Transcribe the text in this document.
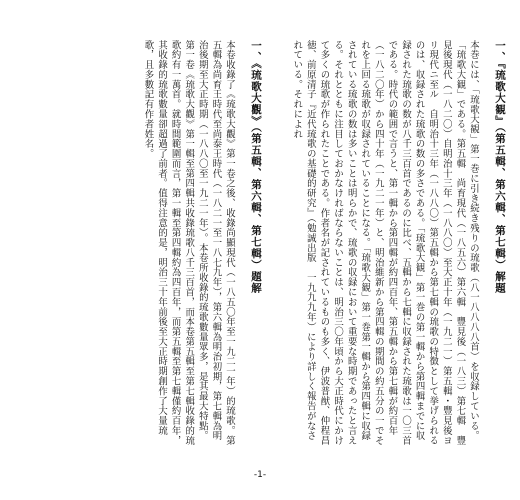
一、『琉歌大観』（第五輯、第六輯、第七輯）解題
本巻には、「琉歌大観」第一巻に引き続き残りの琉歌（八一八八八八首）を収録している。「琉歌大観」である。第五輯　尚育現代（一八五六）第六輯　豐見後（一八三）第七輯　豐見後現代（一八二〇）自明治十三年（一八八〇）至大正十年（一九二一）第五輯・豐見後ヨリ現代ニ至ル　自明治十三年（一八八〇）第五輯から第七輯の琉歌の特徴として挙げられるのは、収録された琉歌の数の多さである。「琉歌大観」第一巻の第一輯から第四輯までに収録された琉歌の数が八千三百首であるのに比べ、五輯から七輯に収録された琉歌は一〇三首である。時代の範囲で言うと、第一輯から第四輯が約四百年、第五輯から第七輯が約百年（一八二〇年）から四十年（一九二一年）と、明治維新から第四輯の期間の約五分の一でそれを上回る琉歌が収録されていることになる。「琉歌大観」第一巻第一輯から第四輯に収録されている琉歌の数は多いことは明らかで、琉歌の収録において重要な時期であったと言える。それとともに注目しておかなければならないことは、明治三〇年頃から大正時代にかけて多くの琉歌が作られたことである。作者名が記されているものも多く、伊波普猷、仲程昌徳、前原清子『近代琉歌の基礎的研究』（勉誠出版　一九九九年）により詳しく報告がなされている。それによれ
一、《琉歌大觀》（第五輯、第六輯、第七輯）題解
本卷收錄了《琉歌大觀》第一卷之後、收錄尚顯現代（一八五〇年至一九二一年）的琉歌。第五輯為尚育王時代至尚泰王時代（一八二一至一八七九年），第六輯為明治初期，第七輯為明治後期至大正時期（一八八〇至一九二一年）。本卷所收錄的琉歌數量眾多，是其最大特點。第一卷《琉歌大觀》第一輯至第四輯共收錄琉歌八千三百首，而本卷第五輯至第七輯收錄的琉歌約有一萬首。就時間範圍而言，第一輯至第四輯約為四百年，而第五輯至第七輯僅約百年，其收錄的琉歌數量卻超過了前者。值得注意的是，明治三十年前後至大正時期創作了大量琉歌，且多數記有作者姓名。
-1-
